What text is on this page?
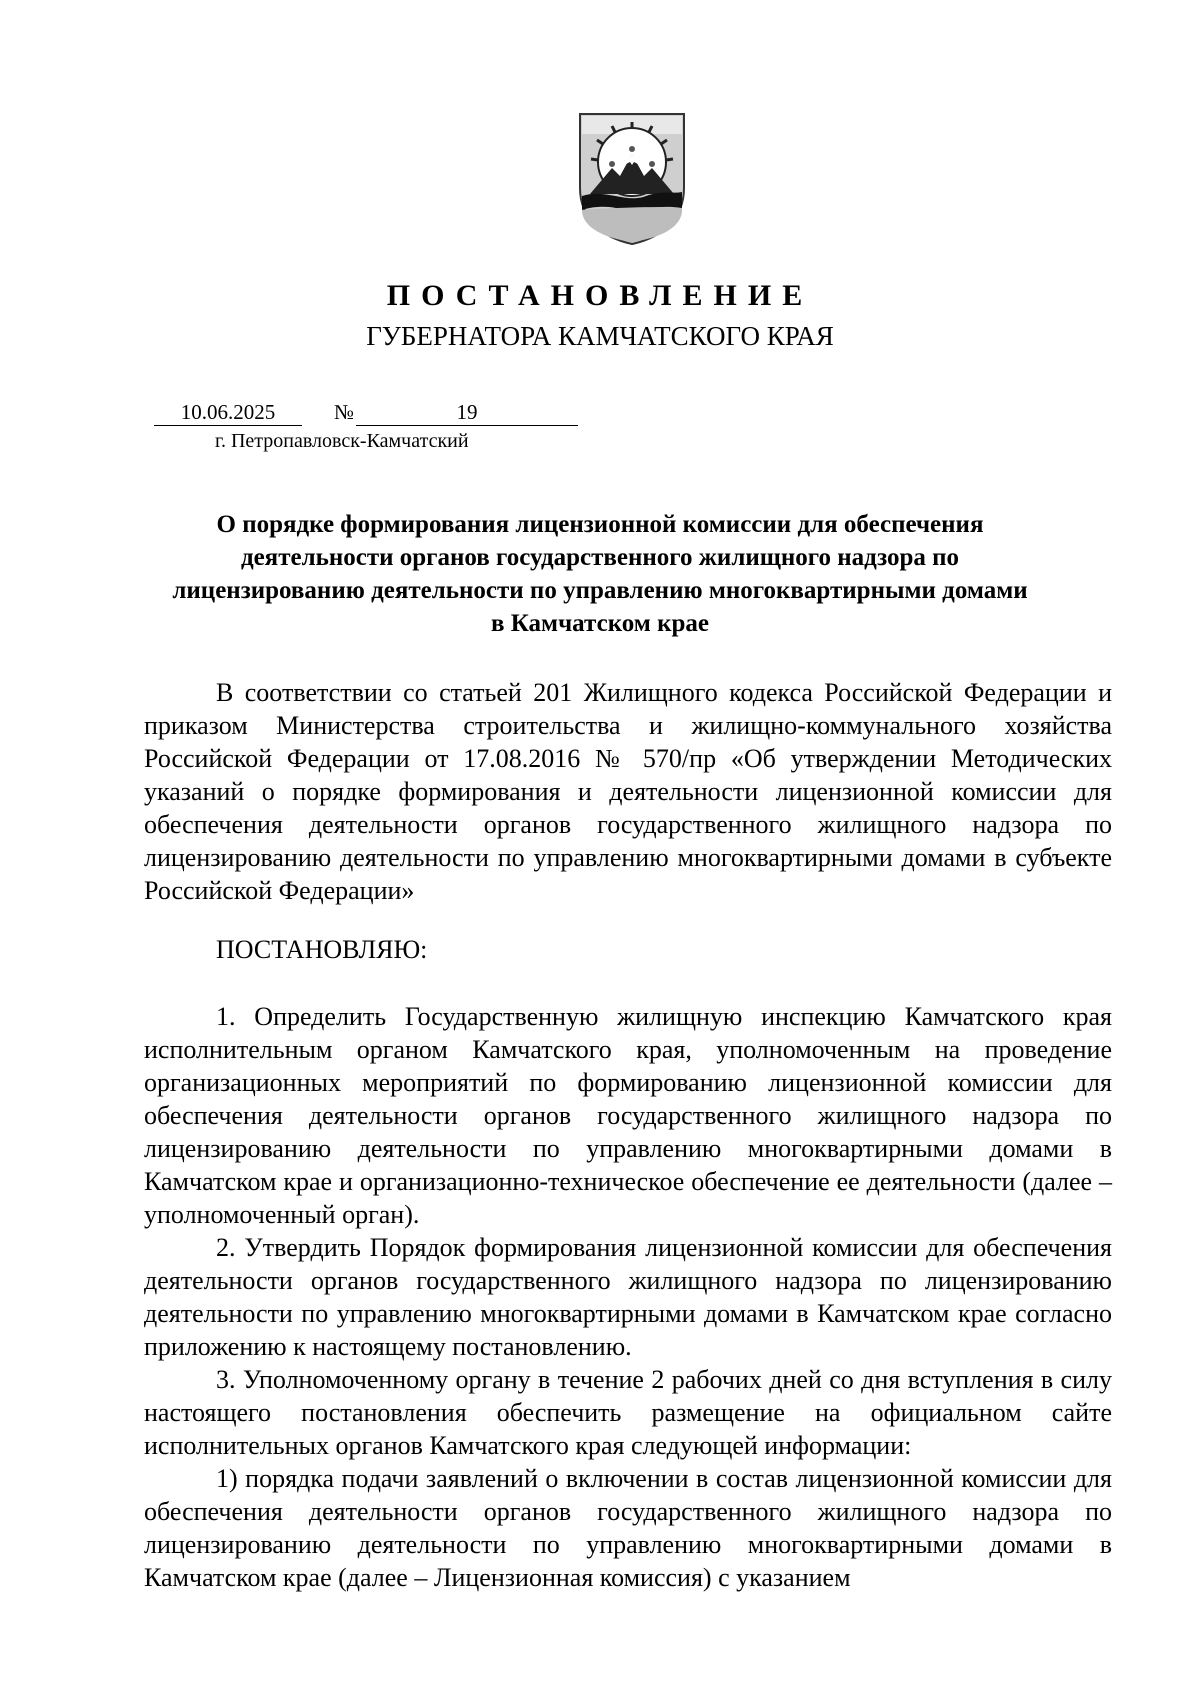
ПОСТАНОВЛЕНИЕ
ГУБЕРНАТОРА КАМЧАТСКОГО КРАЯ
10.06.2025	№	19
г. Петропавловск-Камчатский
О порядке формирования лицензионной комиссии для обеспечения деятельности органов государственного жилищного надзора по лицензированию деятельности по управлению многоквартирными домами в Камчатском крае

В соответствии со статьей 201 Жилищного кодекса Российской Федерации и приказом Министерства строительства и жилищно-коммунального хозяйства Российской Федерации от 17.08.2016 № 570/пр «Об утверждении Методических указаний о порядке формирования и деятельности лицензионной комиссии для обеспечения деятельности органов государственного жилищного надзора по лицензированию деятельности по управлению многоквартирными домами в субъекте Российской Федерации»

ПОСТАНОВЛЯЮ:

1. Определить Государственную жилищную инспекцию Камчатского края исполнительным органом Камчатского края, уполномоченным на проведение организационных мероприятий по формированию лицензионной комиссии для обеспечения деятельности органов государственного жилищного надзора по лицензированию деятельности по управлению многоквартирными домами в Камчатском крае и организационно-техническое обеспечение ее деятельности (далее – уполномоченный орган).

2. Утвердить Порядок формирования лицензионной комиссии для обеспечения деятельности органов государственного жилищного надзора по лицензированию деятельности по управлению многоквартирными домами в Камчатском крае согласно приложению к настоящему постановлению.

3. Уполномоченному органу в течение 2 рабочих дней со дня вступления в силу настоящего постановления обеспечить размещение на официальном сайте исполнительных органов Камчатского края следующей информации:

1) порядка подачи заявлений о включении в состав лицензионной комиссии для обеспечения деятельности органов государственного жилищного надзора по лицензированию деятельности по управлению многоквартирными домами в Камчатском крае (далее – Лицензионная комиссия) с указанием
